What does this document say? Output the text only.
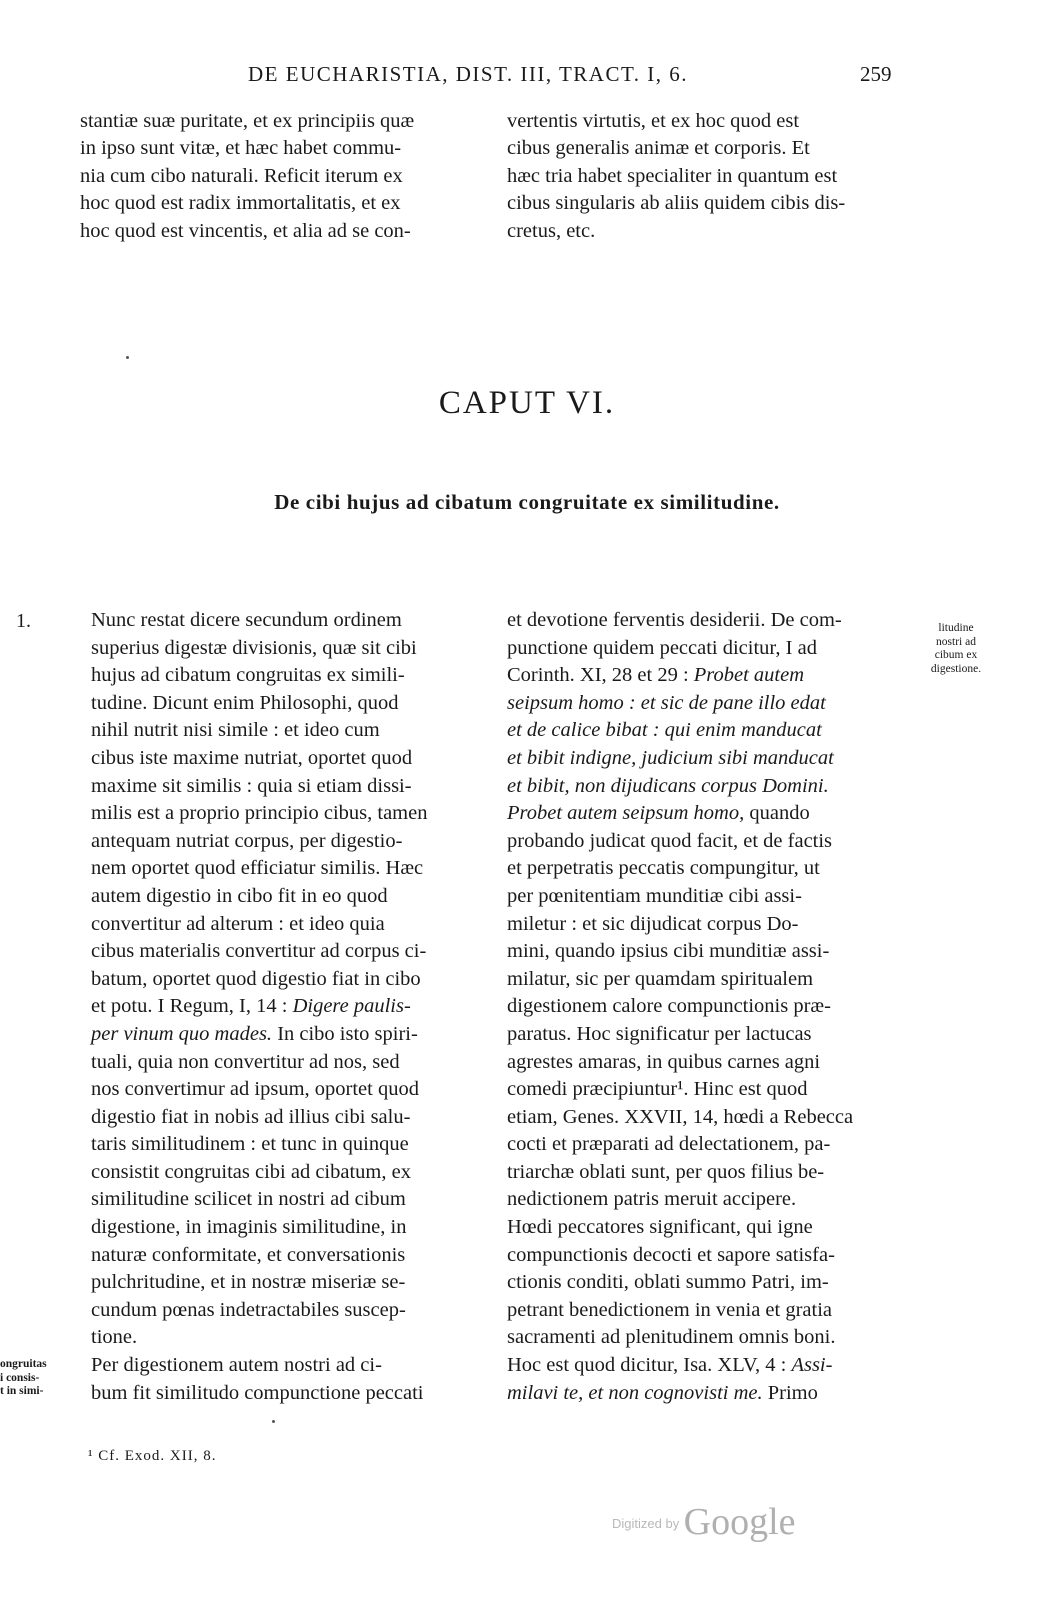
DE EUCHARISTIA, DIST. III, TRACT. I, 6.	259
stantiæ suæ puritate, et ex principiis quæ
in ipso sunt vitæ, et hæc habet commu-
nia cum cibo naturali. Reficit iterum ex
hoc quod est radix immortalitatis, et ex
hoc quod est vincentis, et alia ad se con-
vertentis virtutis, et ex hoc quod est
cibus generalis animæ et corporis. Et
hæc tria habet specialiter in quantum est
cibus singularis ab aliis quidem cibis dis-
cretus, etc.
CAPUT VI.
De cibi hujus ad cibatum congruitate ex similitudine.
1.	Nunc restat dicere secundum ordinem
superius digestæ divisionis, quæ sit cibi
hujus ad cibatum congruitas ex simili-
tudine. Dicunt enim Philosophi, quod
nihil nutrit nisi simile : et ideo cum
cibus iste maxime nutriat, oportet quod
maxime sit similis : quia si etiam dissi-
milis est a proprio principio cibus, tamen
antequam nutriat corpus, per digestio-
nem oportet quod efficiatur similis. Hæc
autem digestio in cibo fit in eo quod
convertitur ad alterum : et ideo quia
cibus materialis convertitur ad corpus ci-
batum, oportet quod digestio fiat in cibo
et potu. I Regum, I, 14 : Digere paulis-
per vinum quo mades. In cibo isto spiri-
tuali, quia non convertitur ad nos, sed
nos convertimur ad ipsum, oportet quod
digestio fiat in nobis ad illius cibi salu-
taris similitudinem : et tunc in quinque
consistit congruitas cibi ad cibatum, ex
similitudine scilicet in nostri ad cibum
digestione, in imaginis similitudine, in
naturæ conformitate, et conversationis
pulchritudine, et in nostræ miseriæ se-
cundum pœnas indetractabiles suscep-
tione.
Per digestionem autem nostri ad ci-
bum fit similitudo compunctione peccati
et devotione ferventis desiderii. De com-
punctione quidem peccati dicitur, I ad
Corinth. XI, 28 et 29 : Probet autem
seipsum homo : et sic de pane illo edat
et de calice bibat : qui enim manducat
et bibit indigne, judicium sibi manducat
et bibit, non dijudicans corpus Domini.
Probet autem seipsum homo, quando
probando judicat quod facit, et de factis
et perpetratis peccatis compungitur, ut
per pœnitentiam munditiæ cibi assi-
miletur : et sic dijudicat corpus Do-
mini, quando ipsius cibi munditiæ assi-
milatur, sic per quamdam spiritualem
digestionem calore compunctionis præ-
paratus. Hoc significatur per lactucas
agrestes amaras, in quibus carnes agni
comedi præcipiuntur¹. Hinc est quod
etiam, Genes. XXVII, 14, hœdi a Rebecca
cocti et præparati ad delectationem, pa-
triarchæ oblati sunt, per quos filius be-
nedictionem patris meruit accipere.
Hœdi peccatores significant, qui igne
compunctionis decocti et sapore satisfa-
ctionis conditi, oblati summo Patri, im-
petrant benedictionem in venia et gratia
sacramenti ad plenitudinem omnis boni.
Hoc est quod dicitur, Isa. XLV, 4 : Assi-
milavi te, et non cognovisti me. Primo
litudine
nostri ad
cibum ex
digestione.
ongruitas
i consis-
t in simi-
¹ Cf. Exod. XII, 8.
$^{Digitized by}$ Google
